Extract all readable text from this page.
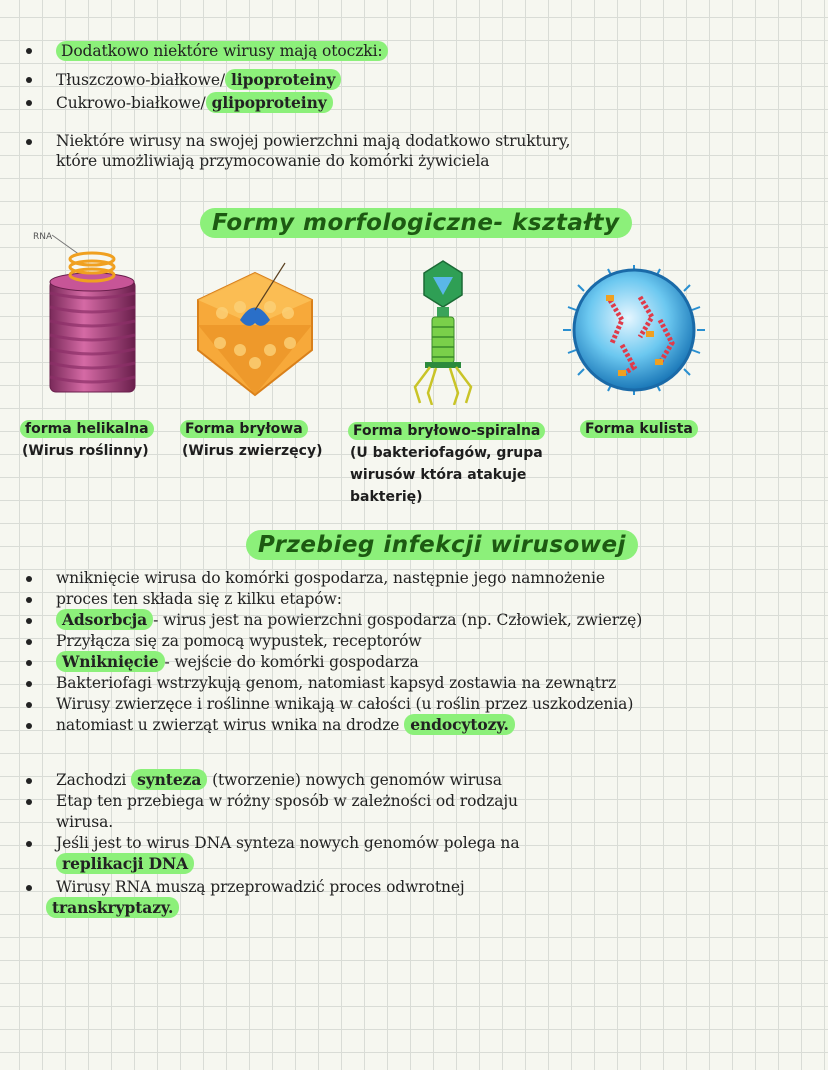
Dodatkowo niektóre wirusy mają otoczki:
Tłuszczowo-białkowe/ lipoproteiny
Cukrowo-białkowe/ glipoproteiny
Niektóre wirusy na swojej powierzchni mają dodatkowo struktury,
które umożliwiają przymocowanie do komórki żywiciela
Formy morfologiczne- kształty
RNA
forma helikalna
(Wirus roślinny)
Forma bryłowa
(Wirus zwierzęcy)
Forma bryłowo-spiralna
(U bakteriofagów, grupa
wirusów która atakuje
bakterię)
Forma kulista
Przebieg infekcji wirusowej
wniknięcie wirusa do komórki gospodarza, następnie jego namnożenie
proces ten składa się z kilku etapów:
Adsorbcja - wirus jest na powierzchni gospodarza (np. Człowiek, zwierzę)
Przyłącza się za pomocą wypustek, receptorów
Wniknięcie - wejście do komórki gospodarza
Bakteriofagi wstrzykują genom, natomiast kapsyd zostawia na zewnątrz
Wirusy zwierzęce i roślinne wnikają w całości (u roślin przez uszkodzenia)
natomiast u zwierząt wirus wnika na drodze endocytozy.
Zachodzi synteza (tworzenie) nowych genomów wirusa
Etap ten przebiega w różny sposób w zależności od rodzaju
wirusa.
Jeśli jest to wirus DNA synteza nowych genomów polega na
replikacji DNA
Wirusy RNA muszą przeprowadzić proces odwrotnej
transkryptazy.
